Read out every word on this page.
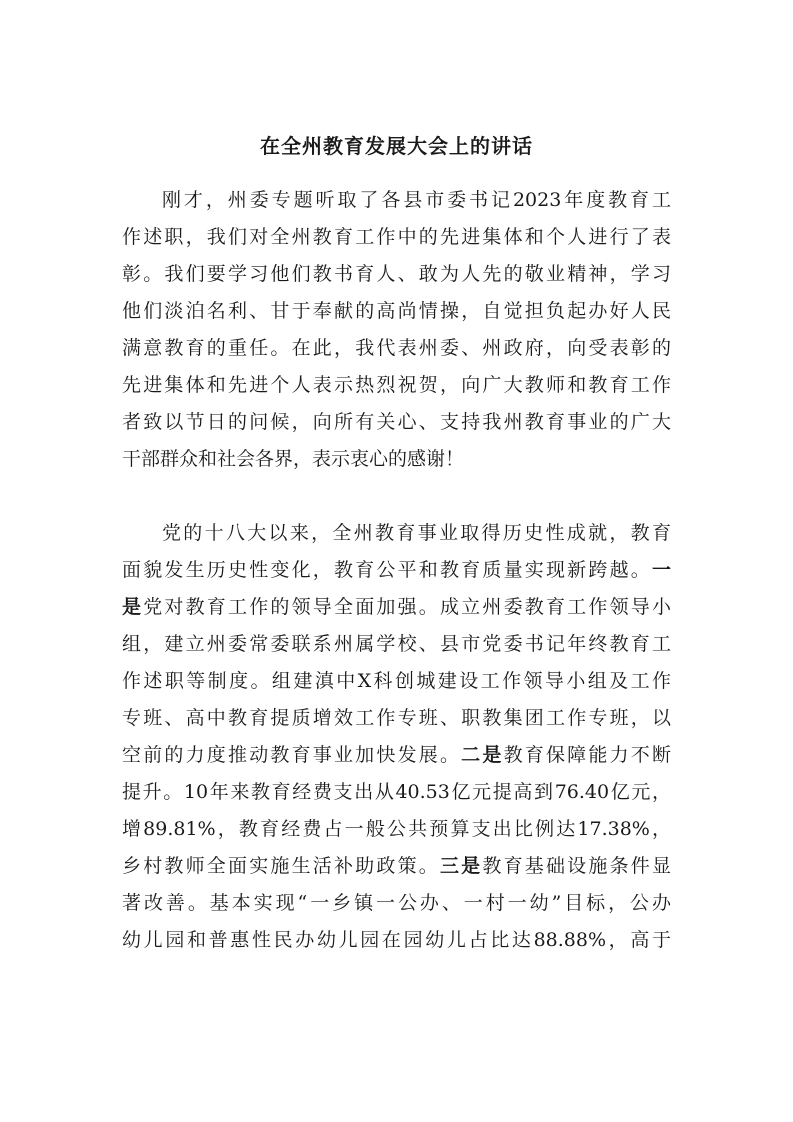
在全州教育发展大会上的讲话
刚才，州委专题听取了各县市委书记2023年度教育工
作述职，我们对全州教育工作中的先进集体和个人进行了表
彰。我们要学习他们教书育人、敢为人先的敬业精神，学习
他们淡泊名利、甘于奉献的高尚情操，自觉担负起办好人民
满意教育的重任。在此，我代表州委、州政府，向受表彰的
先进集体和先进个人表示热烈祝贺，向广大教师和教育工作
者致以节日的问候，向所有关心、支持我州教育事业的广大
干部群众和社会各界，表示衷心的感谢！
党的十八大以来，全州教育事业取得历史性成就，教育
面貌发生历史性变化，教育公平和教育质量实现新跨越。一
是党对教育工作的领导全面加强。成立州委教育工作领导小
组，建立州委常委联系州属学校、县市党委书记年终教育工
作述职等制度。组建滇中X科创城建设工作领导小组及工作
专班、高中教育提质增效工作专班、职教集团工作专班，以
空前的力度推动教育事业加快发展。二是教育保障能力不断
提升。10年来教育经费支出从40.53亿元提高到76.40亿元，
增89.81%，教育经费占一般公共预算支出比例达17.38%，
乡村教师全面实施生活补助政策。三是教育基础设施条件显
著改善。基本实现“一乡镇一公办、一村一幼”目标，公办
幼儿园和普惠性民办幼儿园在园幼儿占比达88.88%，高于
